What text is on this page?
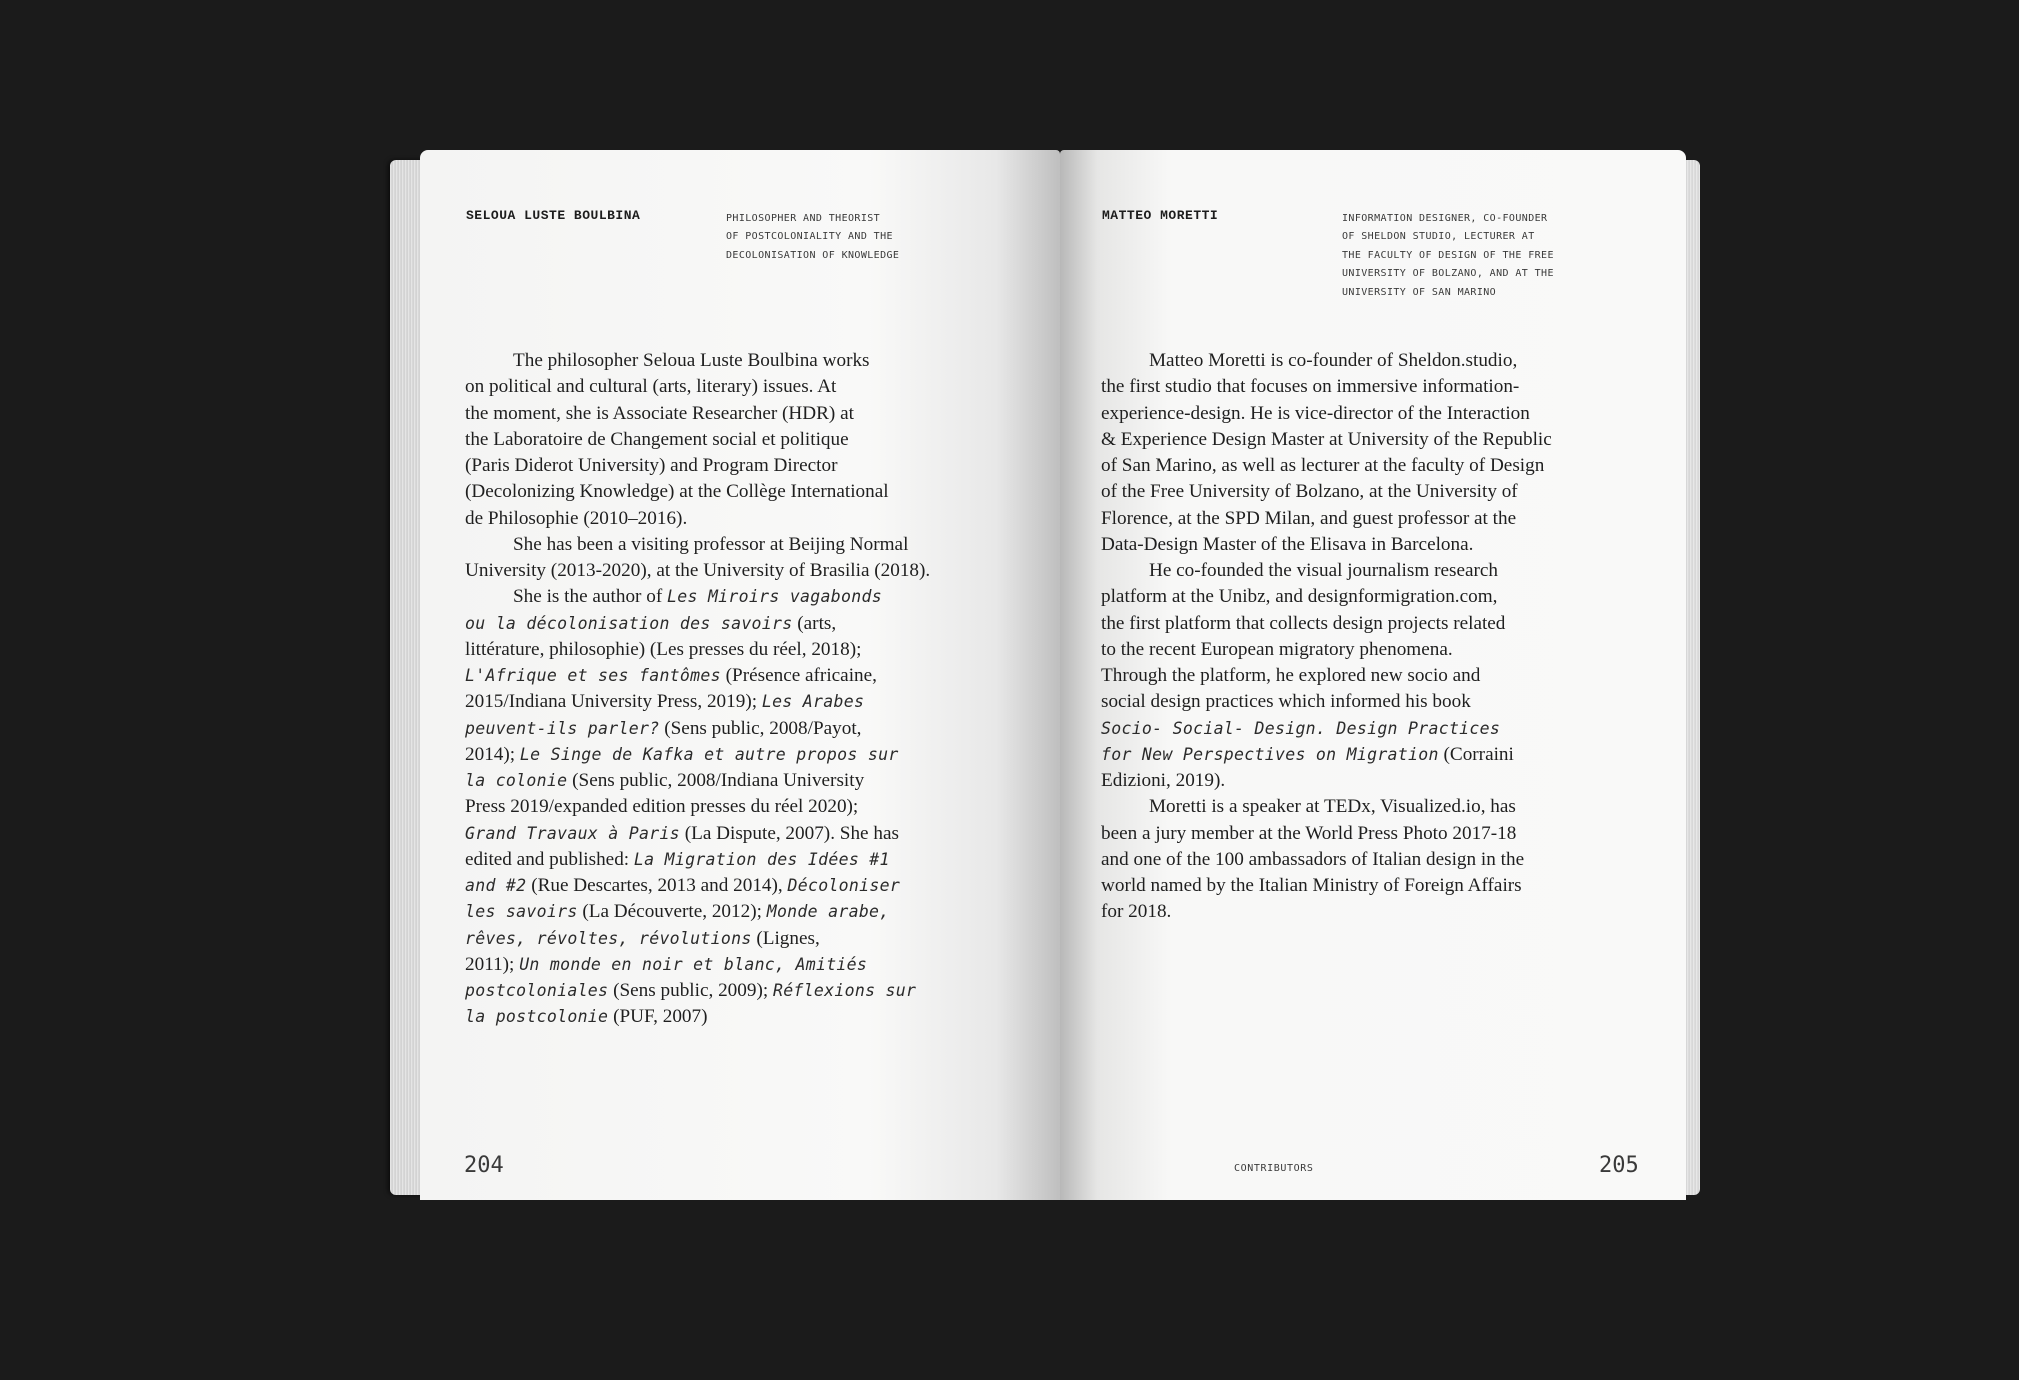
SELOUA LUSTE BOULBINA	PHILOSOPHER AND THEORIST
OF POSTCOLONIALITY AND THE
DECOLONISATION OF KNOWLEDGE
The philosopher Seloua Luste Boulbina works
on political and cultural (arts, literary) issues. At
the moment, she is Associate Researcher (HDR) at
the Laboratoire de Changement social et politique
(Paris Diderot University) and Program Director
(Decolonizing Knowledge) at the Collège International
de Philosophie (2010–2016).
She has been a visiting professor at Beijing Normal
University (2013-2020), at the University of Brasilia (2018).
She is the author of Les Miroirs vagabonds
ou la décolonisation des savoirs (arts,
littérature, philosophie) (Les presses du réel, 2018);
L'Afrique et ses fantômes (Présence africaine,
2015/Indiana University Press, 2019); Les Arabes
peuvent-ils parler? (Sens public, 2008/Payot,
2014); Le Singe de Kafka et autre propos sur
la colonie (Sens public, 2008/Indiana University
Press 2019/expanded edition presses du réel 2020);
Grand Travaux à Paris (La Dispute, 2007). She has
edited and published: La Migration des Idées #1
and #2 (Rue Descartes, 2013 and 2014), Décoloniser
les savoirs (La Découverte, 2012); Monde arabe,
rêves, révoltes, révolutions (Lignes,
2011); Un monde en noir et blanc, Amitiés
postcoloniales (Sens public, 2009); Réflexions sur
la postcolonie (PUF, 2007)

204

MATTEO MORETTI	INFORMATION DESIGNER, CO-FOUNDER
OF SHELDON STUDIO, LECTURER AT
THE FACULTY OF DESIGN OF THE FREE
UNIVERSITY OF BOLZANO, AND AT THE
UNIVERSITY OF SAN MARINO
Matteo Moretti is co-founder of Sheldon.studio,
the first studio that focuses on immersive information-
experience-design. He is vice-director of the Interaction
& Experience Design Master at University of the Republic
of San Marino, as well as lecturer at the faculty of Design
of the Free University of Bolzano, at the University of
Florence, at the SPD Milan, and guest professor at the
Data-Design Master of the Elisava in Barcelona.
He co-founded the visual journalism research
platform at the Unibz, and designformigration.com,
the first platform that collects design projects related
to the recent European migratory phenomena.
Through the platform, he explored new socio and
social design practices which informed his book
Socio- Social- Design. Design Practices
for New Perspectives on Migration (Corraini
Edizioni, 2019).
Moretti is a speaker at TEDx, Visualized.io, has
been a jury member at the World Press Photo 2017-18
and one of the 100 ambassadors of Italian design in the
world named by the Italian Ministry of Foreign Affairs
for 2018.

CONTRIBUTORS	205
